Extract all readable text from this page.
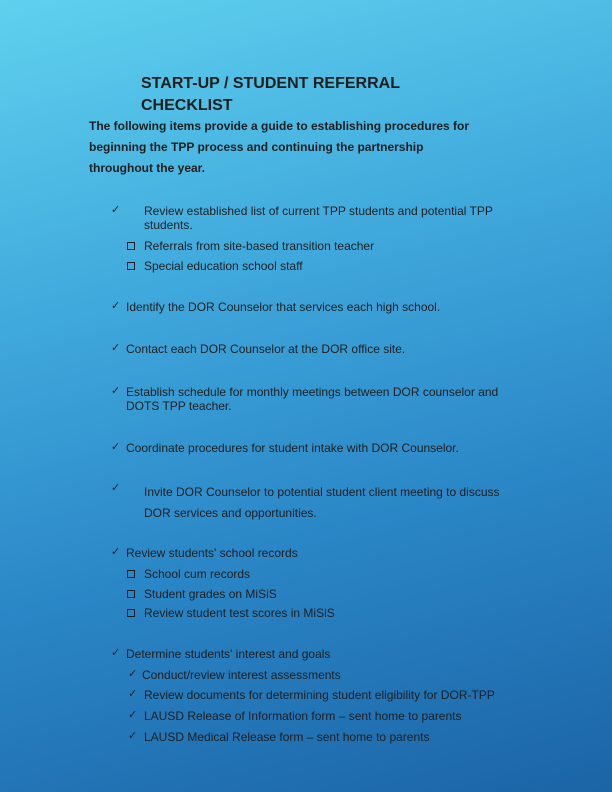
START-UP / STUDENT REFERRAL
CHECKLIST
The following items provide a guide to establishing procedures for
beginning the TPP process and continuing the partnership
throughout the year.
✓ Review established list of current TPP students and potential TPP
students.
Referrals from site-based transition teacher
Special education school staff
✓ Identify the DOR Counselor that services each high school.
✓ Contact each DOR Counselor at the DOR office site.
✓ Establish schedule for monthly meetings between DOR counselor and
DOTS TPP teacher.
✓ Coordinate procedures for student intake with DOR Counselor.
✓ Invite DOR Counselor to potential student client meeting to discuss
DOR services and opportunities.
✓ Review students' school records
School cum records
Student grades on MiSiS
Review student test scores in MiSiS
✓ Determine students' interest and goals
✓ Conduct/review interest assessments
✓ Review documents for determining student eligibility for DOR-TPP
✓ LAUSD Release of Information form – sent home to parents
✓ LAUSD Medical Release form – sent home to parents
